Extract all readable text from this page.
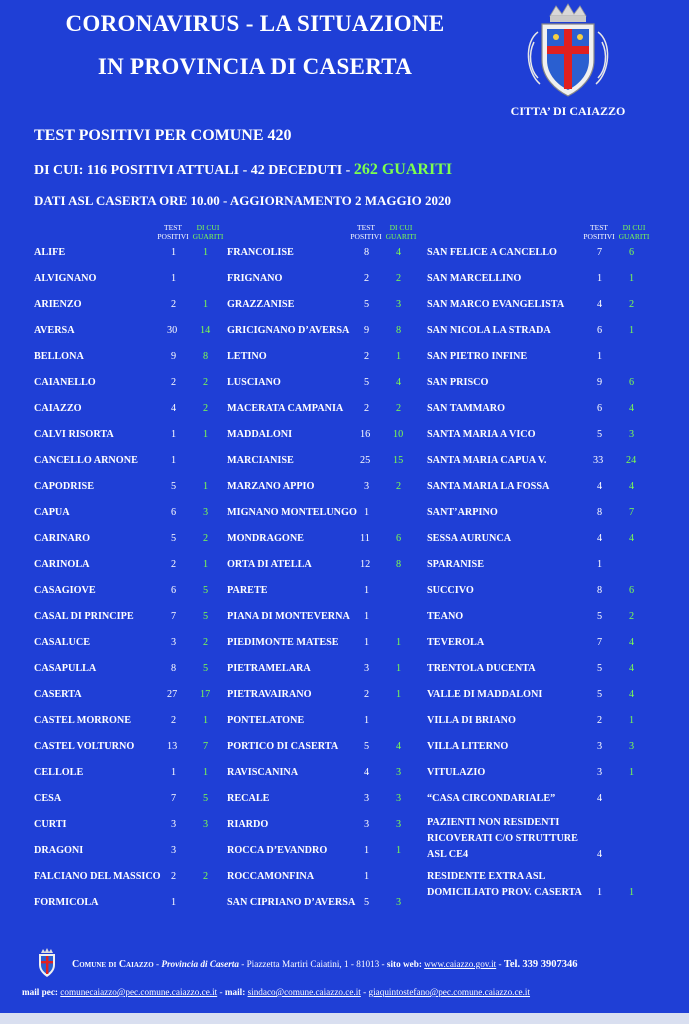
CORONAVIRUS - LA SITUAZIONE
IN PROVINCIA DI CASERTA
CITTA’ DI CAIAZZO
TEST POSITIVI PER COMUNE 420
DI CUI: 116 POSITIVI ATTUALI - 42 DECEDUTI - 262 GUARITI
DATI ASL CASERTA ORE 10.00 - AGGIORNAMENTO 2 MAGGIO 2020
TEST
POSITIVI
DI CUI
GUARITI
TEST
POSITIVI
DI CUI
GUARITI
TEST
POSITIVI
DI CUI
GUARITI
ALIFE	1	1
ALVIGNANO	1
ARIENZO	2	1
AVERSA	30 14
BELLONA	9	8
CAIANELLO	2	2
CAIAZZO	4	2
CALVI RISORTA	1	1
CANCELLO ARNONE	1
CAPODRISE	5	1
CAPUA	6	3
CARINARO	5	2
CARINOLA	2	1
CASAGIOVE	6	5
CASAL DI PRINCIPE	7	5
CASALUCE	3	2
CASAPULLA	8	5
CASERTA	27 17
CASTEL MORRONE	2	1
CASTEL VOLTURNO	13	7
CELLOLE	1	1
CESA	7	5
CURTI	3	3
DRAGONI	3
FALCIANO DEL MASSICO 2	2
FORMICOLA	1
FRANCOLISE	8	4
FRIGNANO	2	2
GRAZZANISE	5	3
GRICIGNANO D’AVERSA 9	8
LETINO	2	1
LUSCIANO	5	4
MACERATA CAMPANIA 2	2
MADDALONI	16 10
MARCIANISE	25 15
MARZANO APPIO	3	2
MIGNANO MONTELUNGO 1
MONDRAGONE	11	6
ORTA DI ATELLA	12	8
PARETE	1
PIANA DI MONTEVERNA 1
PIEDIMONTE MATESE 1	1
PIETRAMELARA	3	1
PIETRAVAIRANO	2	1
PONTELATONE	1
PORTICO DI CASERTA	5	4
RAVISCANINA	4	3
RECALE	3	3
RIARDO	3	3
ROCCA D’EVANDRO	1	1
ROCCAMONFINA	1
SAN CIPRIANO D’AVERSA 5	3
SAN FELICE A CANCELLO	7	6
SAN MARCELLINO	1	1
SAN MARCO EVANGELISTA	4	2
SAN NICOLA LA STRADA	6	1
SAN PIETRO INFINE	1
SAN PRISCO	9	6
SAN TAMMARO	6	4
SANTA MARIA A VICO	5	3
SANTA MARIA CAPUA V.	33 24
SANTA MARIA LA FOSSA	4	4
SANT’ARPINO	8	7
SESSA AURUNCA	4	4
SPARANISE	1
SUCCIVO	8	6
TEANO	5	2
TEVEROLA	7	4
TRENTOLA DUCENTA	5	4
VALLE DI MADDALONI	5	4
VILLA DI BRIANO	2	1
VILLA LITERNO	3	3
VITULAZIO	3	1
“CASA CIRCONDARIALE”	4
PAZIENTI NON RESIDENTI
RICOVERATI C/O STRUTTURE
ASL CE4	4
RESIDENTE EXTRA ASL
DOMICILIATO PROV. CASERTA 1	1
Comune di Caiazzo - Provincia di Caserta - Piazzetta Martiri Caiatini, 1 - 81013 - sito web: www.caiazzo.gov.it - Tel. 339 3907346
mail pec: comunecaiazzo@pec.comune.caiazzo.ce.it - mail: sindaco@comune.caiazzo.ce.it - giaquintostefano@pec.comune.caiazzo.ce.it
